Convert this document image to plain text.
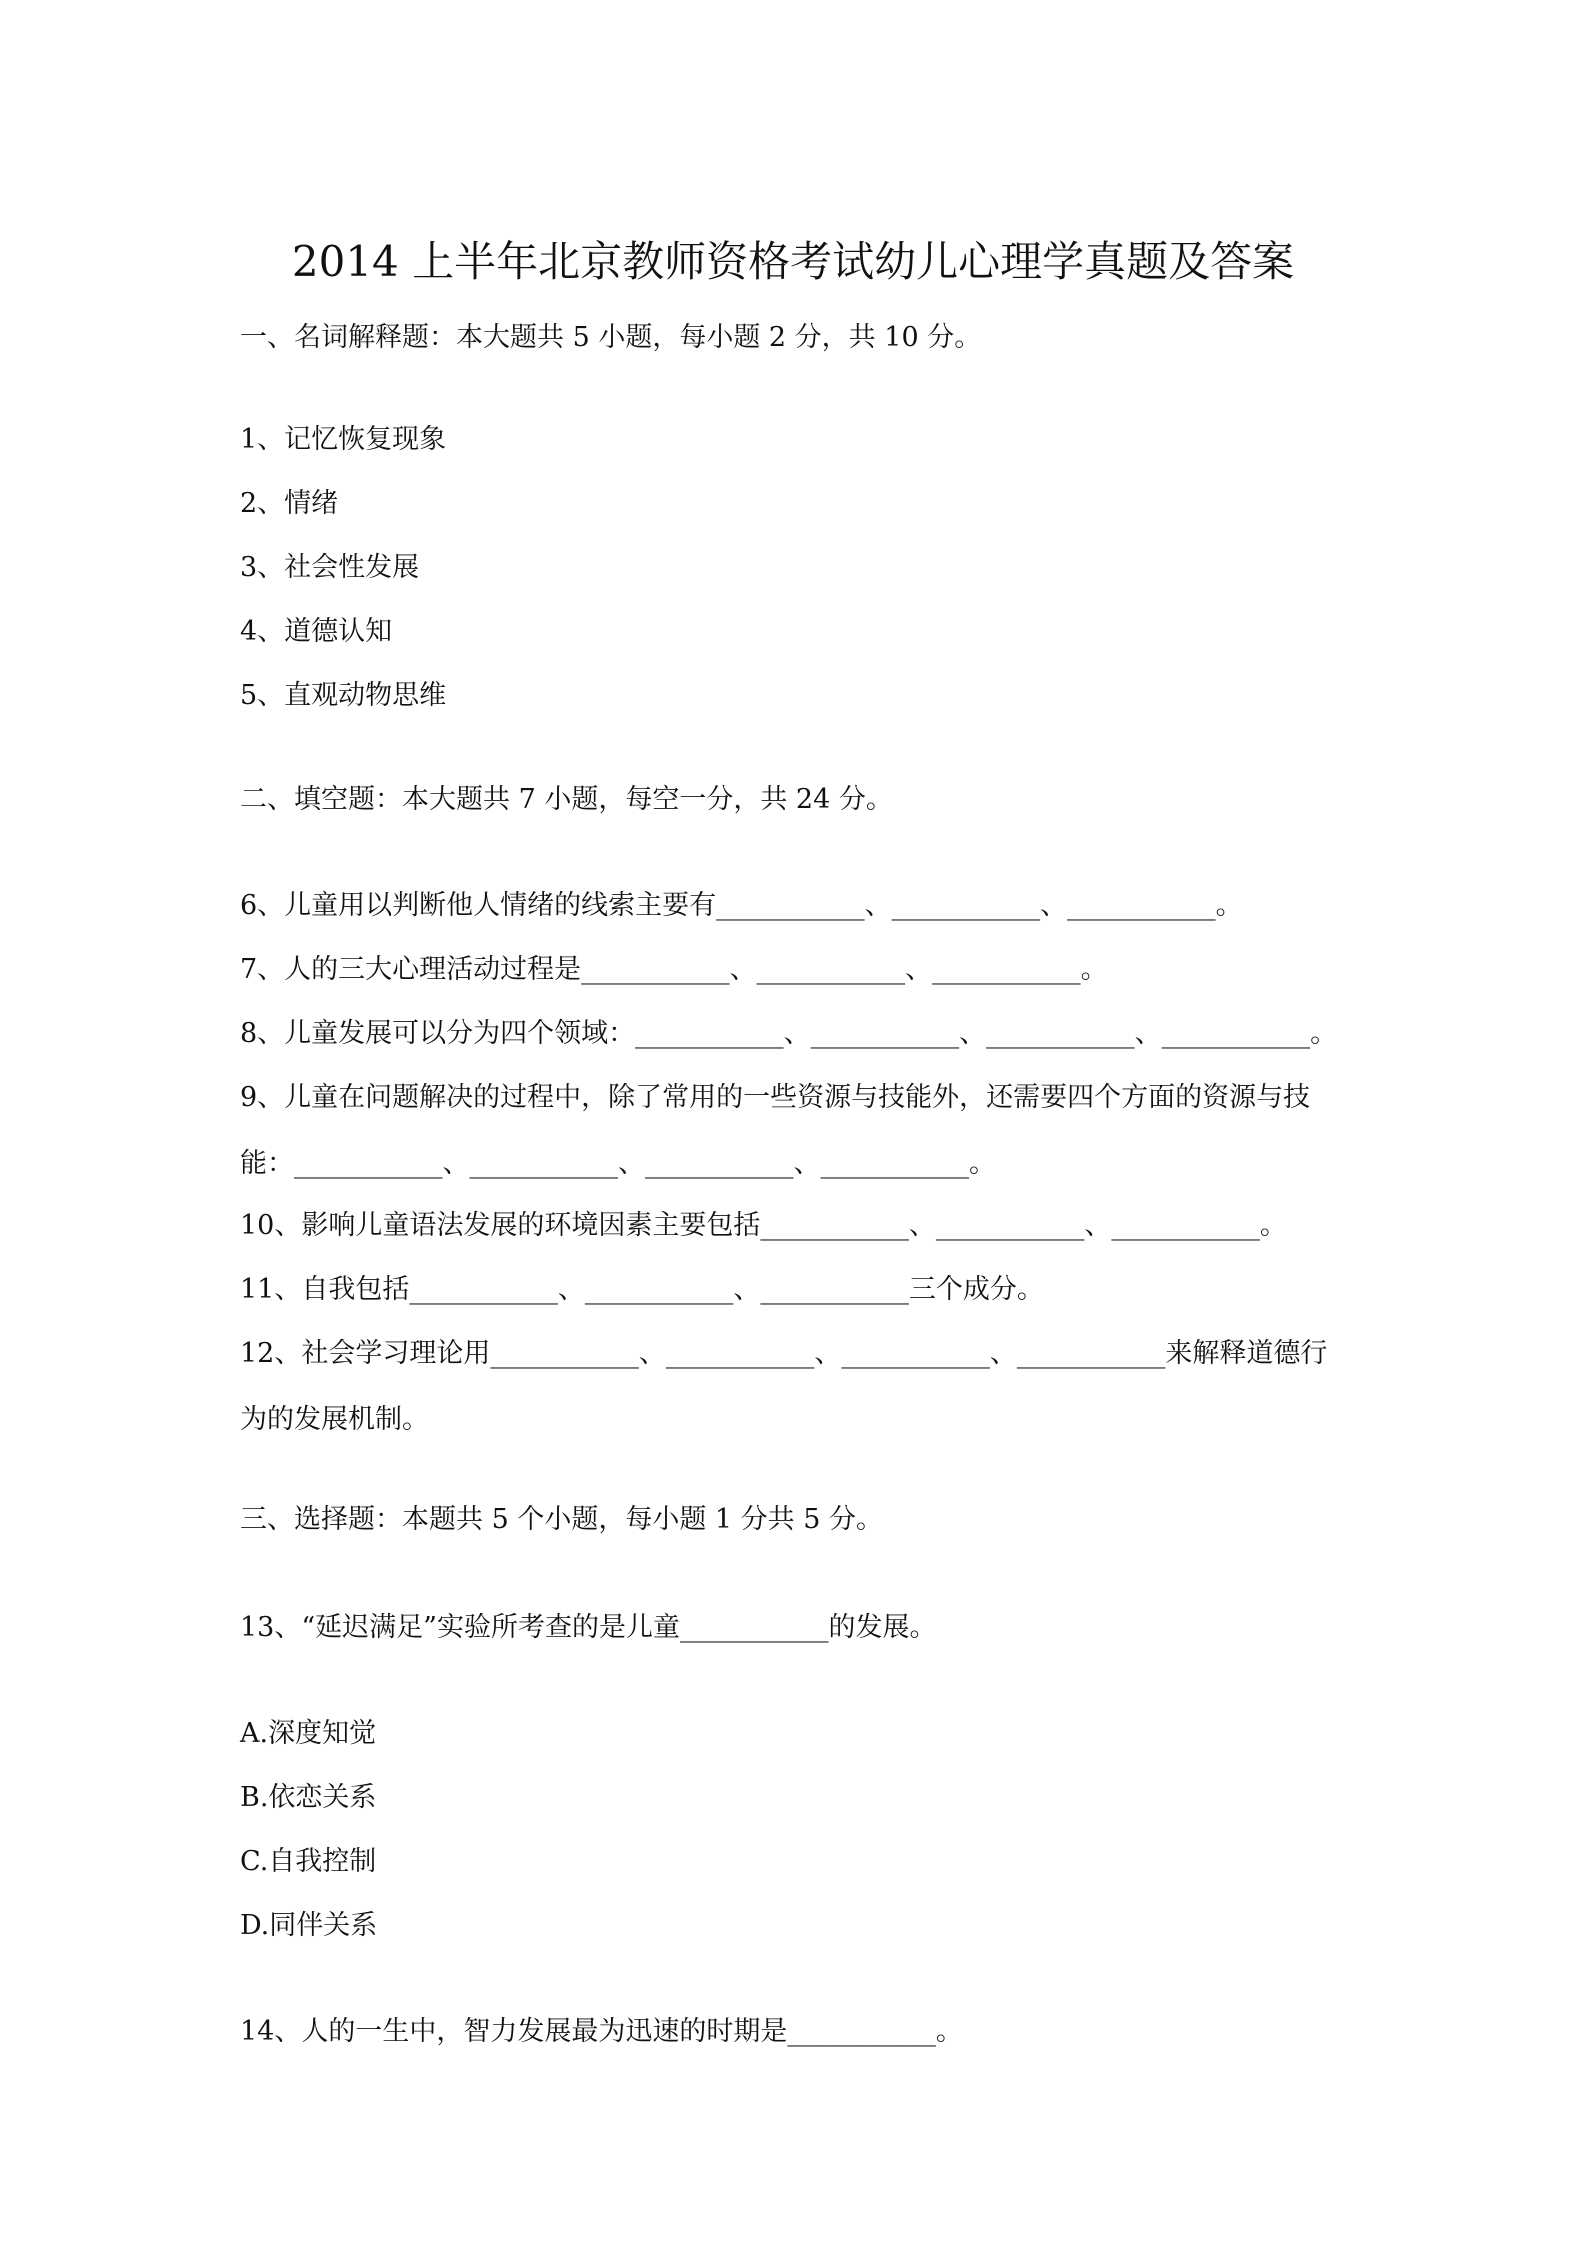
2014 上半年北京教师资格考试幼儿心理学真题及答案
一、名词解释题：本大题共 5 小题，每小题 2 分，共 10 分。
1、记忆恢复现象
2、情绪
3、社会性发展
4、道德认知
5、直观动物思维
二、填空题：本大题共 7 小题，每空一分，共 24 分。
6、儿童用以判断他人情绪的线索主要有___________、___________、___________。
7、人的三大心理活动过程是___________、___________、___________。
8、儿童发展可以分为四个领域：___________、___________、___________、___________。
9、儿童在问题解决的过程中，除了常用的一些资源与技能外，还需要四个方面的资源与技能：___________、___________、___________、___________。
10、影响儿童语法发展的环境因素主要包括___________、___________、___________。
11、自我包括___________、___________、___________三个成分。
12、社会学习理论用___________、___________、___________、___________来解释道德行为的发展机制。
三、选择题：本题共 5 个小题，每小题 1 分共 5 分。
13、“延迟满足”实验所考查的是儿童___________的发展。
A.深度知觉
B.依恋关系
C.自我控制
D.同伴关系
14、人的一生中，智力发展最为迅速的时期是___________。
